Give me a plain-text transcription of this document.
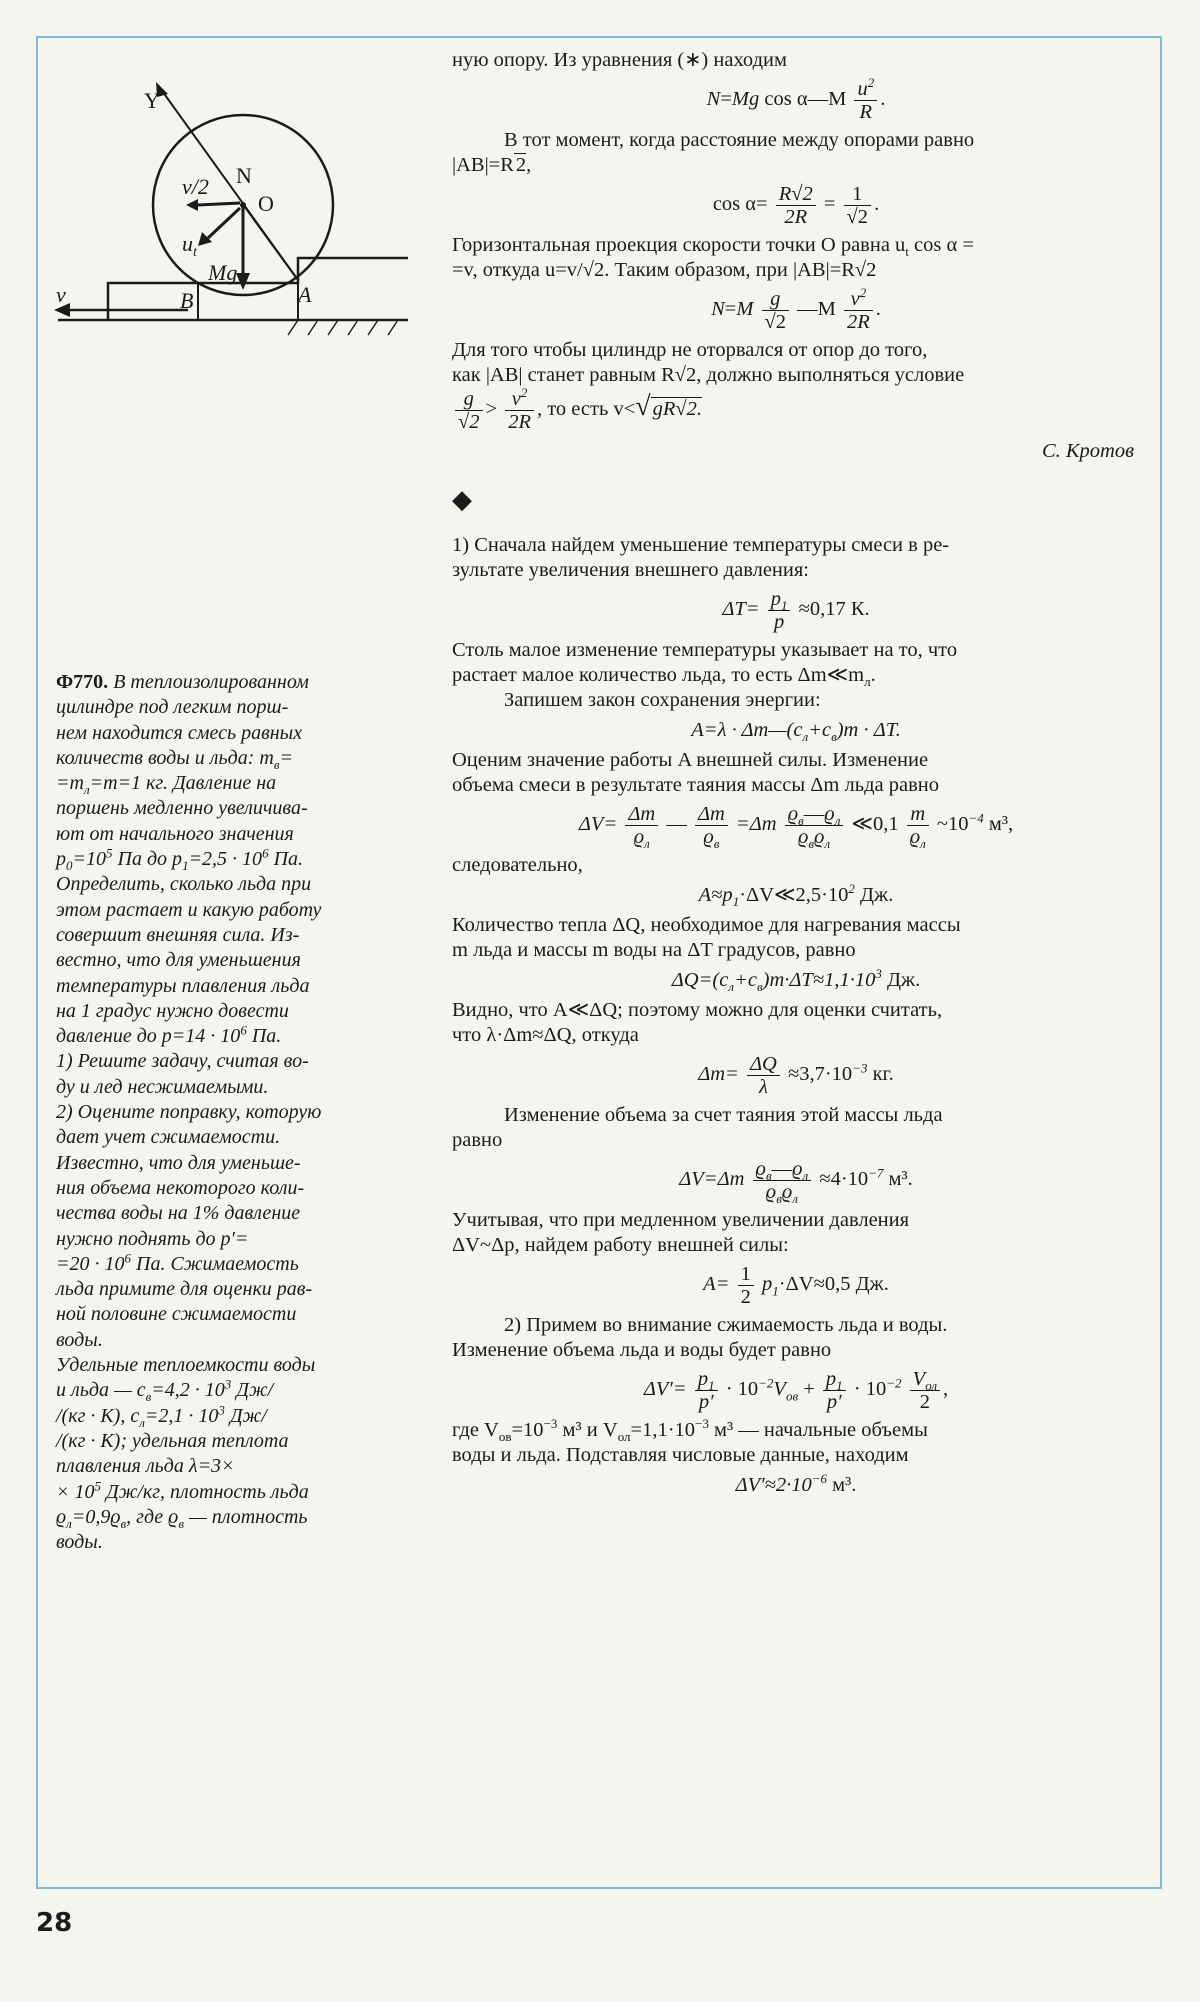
Y
N
O
v/2
$u_t$
Mg
B	A
v

Ф770. В теплоизолированном

цилиндре под легким порш-

нем находится смесь равных

количеств воды и льда: $m_в=$

$=m_л=m=1$ кг. Давление на

поршень медленно увеличива-

ют от начального значения

$p_0=10^5$ Па до $p_1=2,5 \cdot 10^6$ Па.

Определить, сколько льда при

этом растает и какую работу

совершит внешняя сила. Из-

вестно, что для уменьшения

температуры плавления льда

на 1 градус нужно довести

давление до $p=14 \cdot 10^6$ Па.

1) Решите задачу, считая во-

ду и лед несжимаемыми.

2) Оцените поправку, которую

дает учет сжимаемости.

Известно, что для уменьше-

ния объема некоторого коли-

чества воды на 1% давление

нужно поднять до p′=

$=20 \cdot 10^6$ Па. Сжимаемость

льда примите для оценки рав-

ной половине сжимаемости

воды.

Удельные теплоемкости воды

и льда — $c_в=4,2 \cdot 10^3$ Дж/

/(кг · К), $c_л=2,1 \cdot 10^3$ Дж/

/(кг · К); удельная теплота

плавления льда λ=3×

× $10^5$ Дж/кг, плотность льда

$ϱ_л=0,9ϱ_в$, где $ϱ_в$ — плотность

воды.

ную опору. Из уравнения (∗) находим

N=Mg cos α—M $\frac{u^2}{R}$ .

В тот момент, когда расстояние между опорами равно

|AB|=R2,

$\cos \alpha= \frac{R√2}{2R} = \frac{1}{√2}$ .

Горизонтальная проекция скорости точки O равна $u_t$ cos α =

=v, откуда u=v/√2. Таким образом, при |AB|=R√2

$N=M \frac{g}{√2}$ —M $\frac{v^2}{2R}$ .

Для того чтобы цилиндр не оторвался от опор до того,

как |AB| станет равным R√2, должно выполняться условие

$\frac{g}{√2} > \frac{v^2}{2R}$ , то есть v<√gR√2.

С. Кротов

◆

1) Сначала найдем уменьшение температуры смеси в ре-

зультате увеличения внешнего давления:

$\Delta T= \frac{p_1}{p} \approx 0,17$ К.

Столь малое изменение температуры указывает на то, что

растает малое количество льда, то есть $\Delta m≪m_л$.

Запишем закон сохранения энергии:

$A=\lambda \cdot \Delta m—(c_л+c_в)m \cdot \Delta T$.

Оценим значение работы A внешней силы. Изменение

объема смеси в результате таяния массы Δm льда равно

$\Delta V= \frac{\Delta m}{ϱ_л}$ — $\frac{\Delta m}{ϱ_в} =\Delta m \frac{ϱ_в—ϱ_л}{ϱ_вϱ_л}$ ≪0,1 $\frac{m}{ϱ_л}$ $\sim 10^{-4}$ м³,

следовательно,

$A\approx p_1\cdot\Delta V≪2,5\cdot 10^2$ Дж.

Количество тепла ΔQ, необходимое для нагревания массы

m льда и массы m воды на ΔT градусов, равно

$\Delta Q=(c_л+c_в)m\cdot\Delta T\approx 1,1\cdot 10^3$ Дж.

Видно, что A≪ΔQ; поэтому можно для оценки считать,

что λ·Δm≈ΔQ, откуда

$\Delta m= \frac{\Delta Q}{\lambda} \approx 3,7\cdot 10^{-3}$ кг.

Изменение объема за счет таяния этой массы льда

равно

$\Delta V=\Delta m \frac{ϱ_в—ϱ_л}{ϱ_вϱ_л} \approx 4\cdot 10^{-7}$ м³.

Учитывая, что при медленном увеличении давления

ΔV~Δp, найдем работу внешней силы:

$A= \frac{1}{2} p_1\cdot\Delta V\approx 0,5$ Дж.

2) Примем во внимание сжимаемость льда и воды.

Изменение объема льда и воды будет равно

$\Delta V'= \frac{p_1}{p'} \cdot 10^{-2}V_{ов} + \frac{p_1}{p'} \cdot 10^{-2} \frac{V_{ол}}{2}$ ,

где $V_{ов}=10^{-3}$ м³ и $V_{ол}=1,1\cdot 10^{-3}$ м³ — начальные объемы

воды и льда. Подставляя числовые данные, находим

$\Delta V'\approx 2\cdot 10^{-6}$ м³.

28
